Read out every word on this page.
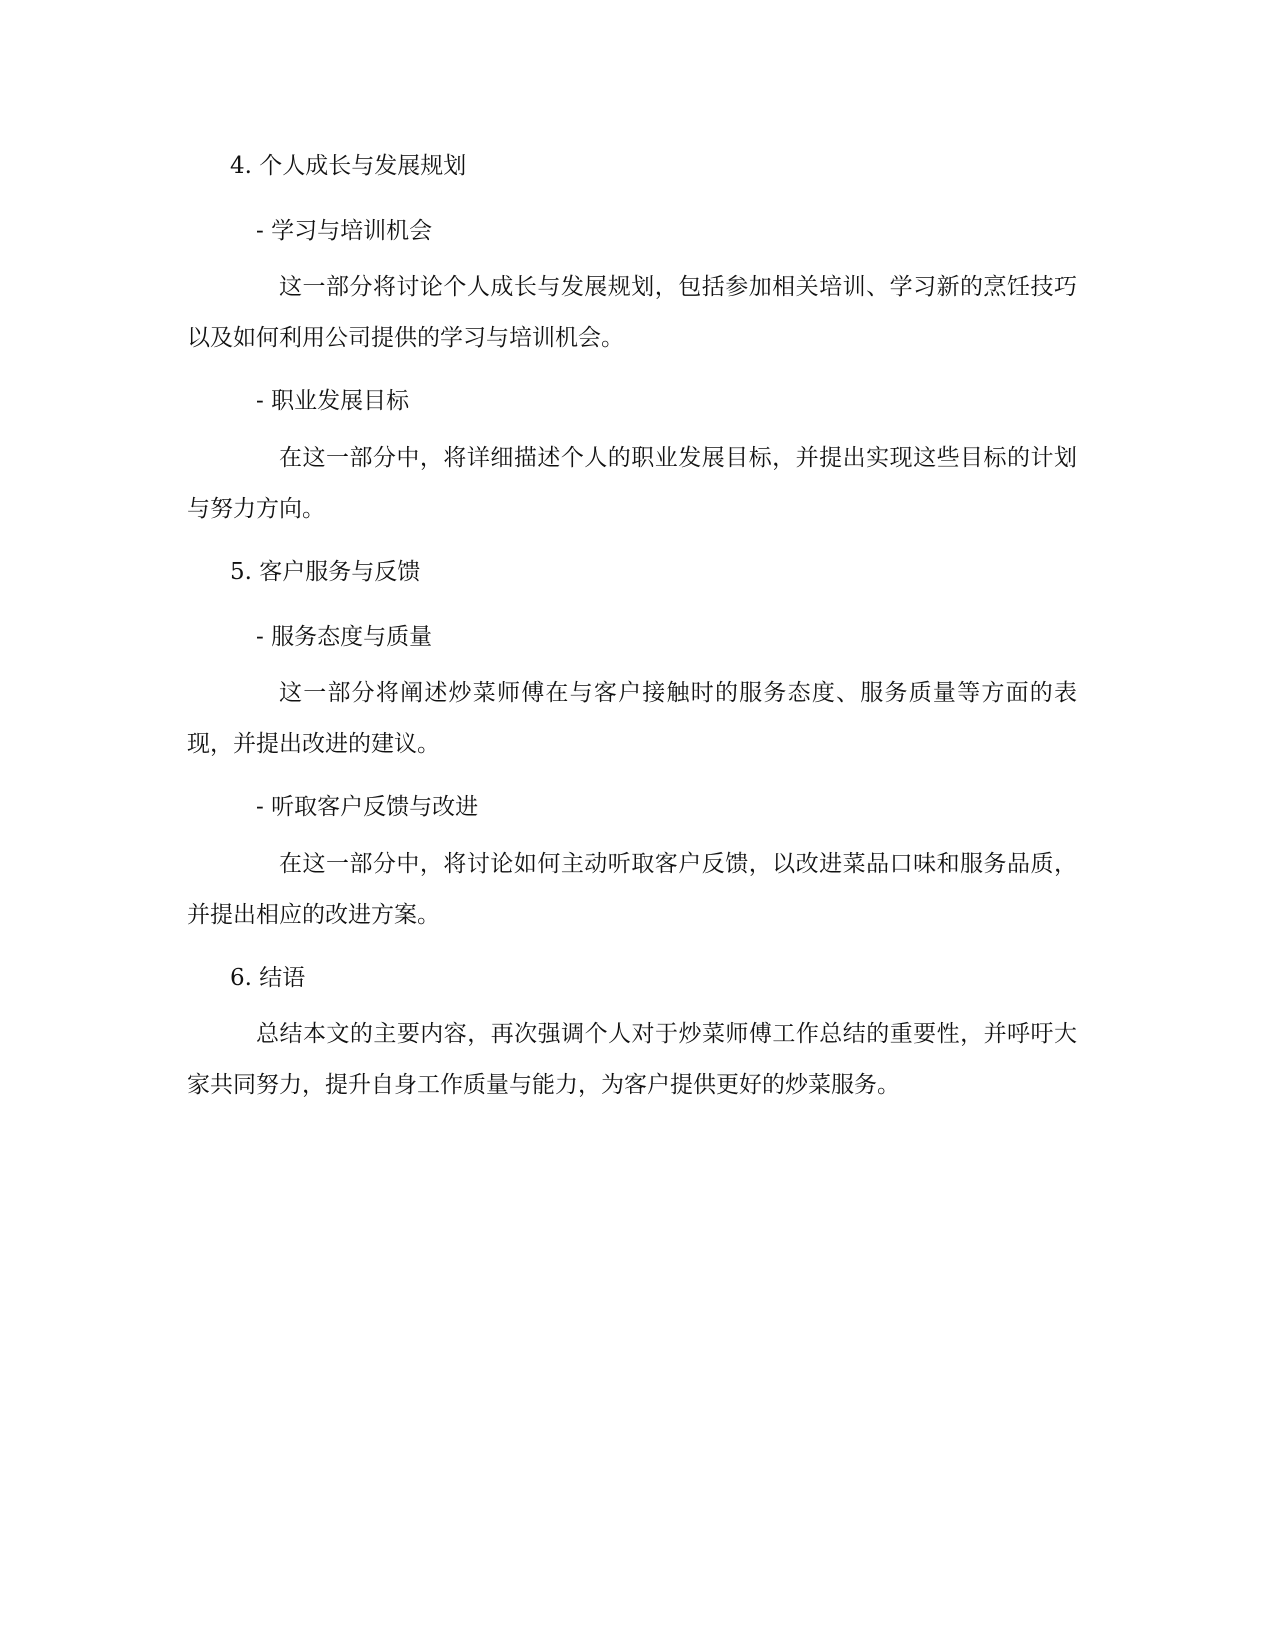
4. 个人成长与发展规划
- 学习与培训机会
这一部分将讨论个人成长与发展规划，包括参加相关培训、学习新的烹饪技巧以及如何利用公司提供的学习与培训机会。
- 职业发展目标
在这一部分中，将详细描述个人的职业发展目标，并提出实现这些目标的计划与努力方向。
5. 客户服务与反馈
- 服务态度与质量
这一部分将阐述炒菜师傅在与客户接触时的服务态度、服务质量等方面的表现，并提出改进的建议。
- 听取客户反馈与改进
在这一部分中，将讨论如何主动听取客户反馈，以改进菜品口味和服务品质，并提出相应的改进方案。
6. 结语
总结本文的主要内容，再次强调个人对于炒菜师傅工作总结的重要性，并呼吁大家共同努力，提升自身工作质量与能力，为客户提供更好的炒菜服务。
